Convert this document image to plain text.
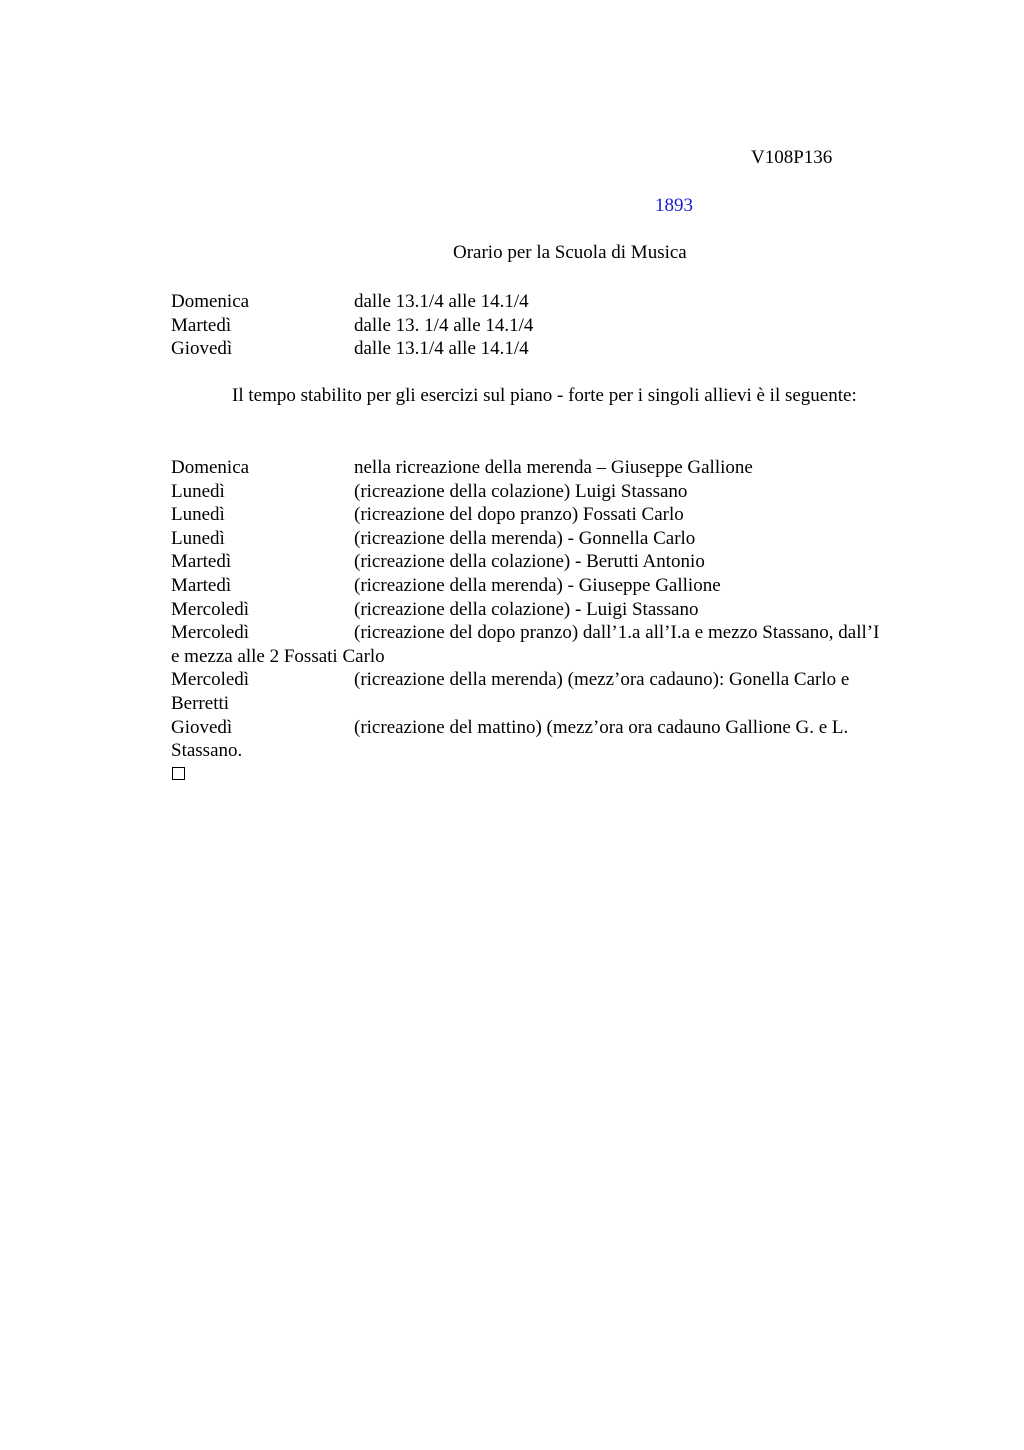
V108P136
1893
Orario per la Scuola di Musica
Domenica	dalle 13.1/4 alle 14.1/4
Martedì	dalle 13. 1/4 alle 14.1/4
Giovedì	dalle 13.1/4 alle 14.1/4
Il tempo stabilito per gli esercizi sul piano - forte per i singoli allievi è il seguente:
Domenica	nella ricreazione della merenda – Giuseppe Gallione
Lunedì	(ricreazione della colazione) Luigi Stassano
Lunedì	(ricreazione del dopo pranzo) Fossati Carlo
Lunedì	(ricreazione della merenda) - Gonnella Carlo
Martedì	(ricreazione della colazione) - Berutti Antonio
Martedì	(ricreazione della merenda) - Giuseppe Gallione
Mercoledì	(ricreazione della colazione) - Luigi Stassano
Mercoledì	(ricreazione del dopo pranzo) dall’1.a all’I.a e mezzo Stassano, dall’I
e mezza alle 2 Fossati Carlo
Mercoledì	(ricreazione della merenda) (mezz’ora cadauno): Gonella Carlo e
Berretti
Giovedì	(ricreazione del mattino) (mezz’ora ora cadauno Gallione G. e L.
Stassano.
